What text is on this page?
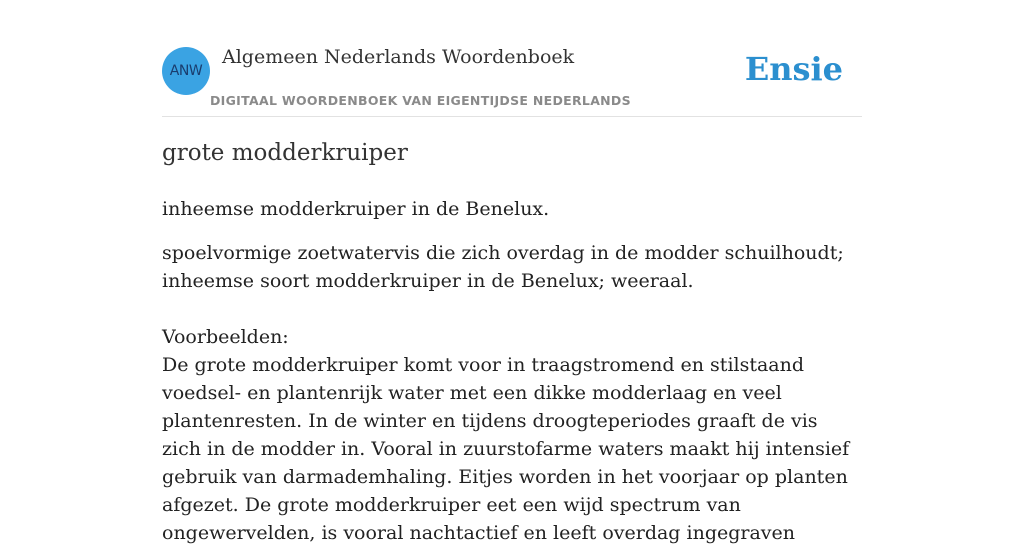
ANW
Algemeen Nederlands Woordenboek
DIGITAAL WOORDENBOEK VAN EIGENTIJDSE NEDERLANDS
Ensie
grote modderkruiper
inheemse modderkruiper in de Benelux.
spoelvormige zoetwatervis die zich overdag in de modder schuilhoudt; inheemse soort modderkruiper in de Benelux; weeraal.
Voorbeelden:
De grote modderkruiper komt voor in traagstromend en stilstaand voedsel- en plantenrijk water met een dikke modderlaag en veel plantenresten. In de winter en tijdens droogteperiodes graaft de vis zich in de modder in. Vooral in zuurstofarme waters maakt hij intensief gebruik van darmademhaling. Eitjes worden in het voorjaar op planten afgezet. De grote modderkruiper eet een wijd spectrum van ongewervelden, is vooral nachtactief en leeft overdag ingegraven
